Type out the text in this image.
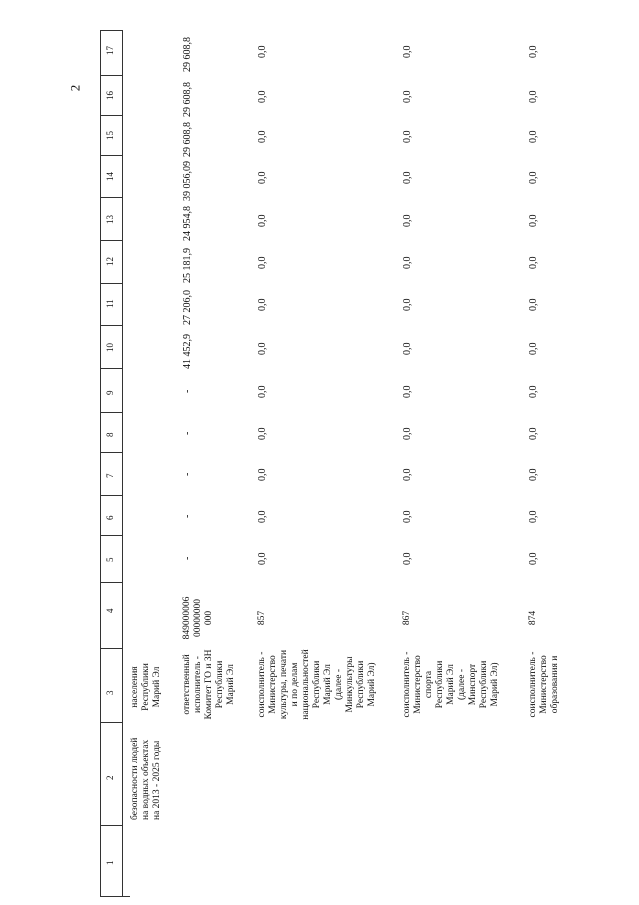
1
2
3
4
5
6
7
8
9
10
11
12
13
14
15
16
17
безопасности людей на водных объектах на 2013 - 2025 годы
населения Республики Марий Эл ответственный исполнитель - Комитет ГО и ЗН Республики Марий Эл
849000006 00000000 000
-
-
-
-
-
41 452,9
27 206,0
25 181,9
24 954,8
39 056,09
29 608,8
29 608,8
29 608,8
соисполнитель - Министерство культуры, печати и по делам национальностей Республики Марий Эл (далее - Минкультуры Республики Марий Эл)
857
0,0
0,0
0,0
0,0
0,0
0,0
0,0
0,0
0,0
0,0
0,0
0,0
0,0
соисполнитель - Министерство спорта Республики Марий Эл (далее - Минспорт Республики Марий Эл)
867
0,0
0,0
0,0
0,0
0,0
0,0
0,0
0,0
0,0
0,0
0,0
0,0
0,0
соисполнитель - Министерство образования и
874
0,0
0,0
0,0
0,0
0,0
0,0
0,0
0,0
0,0
0,0
0,0
0,0
0,0
2
